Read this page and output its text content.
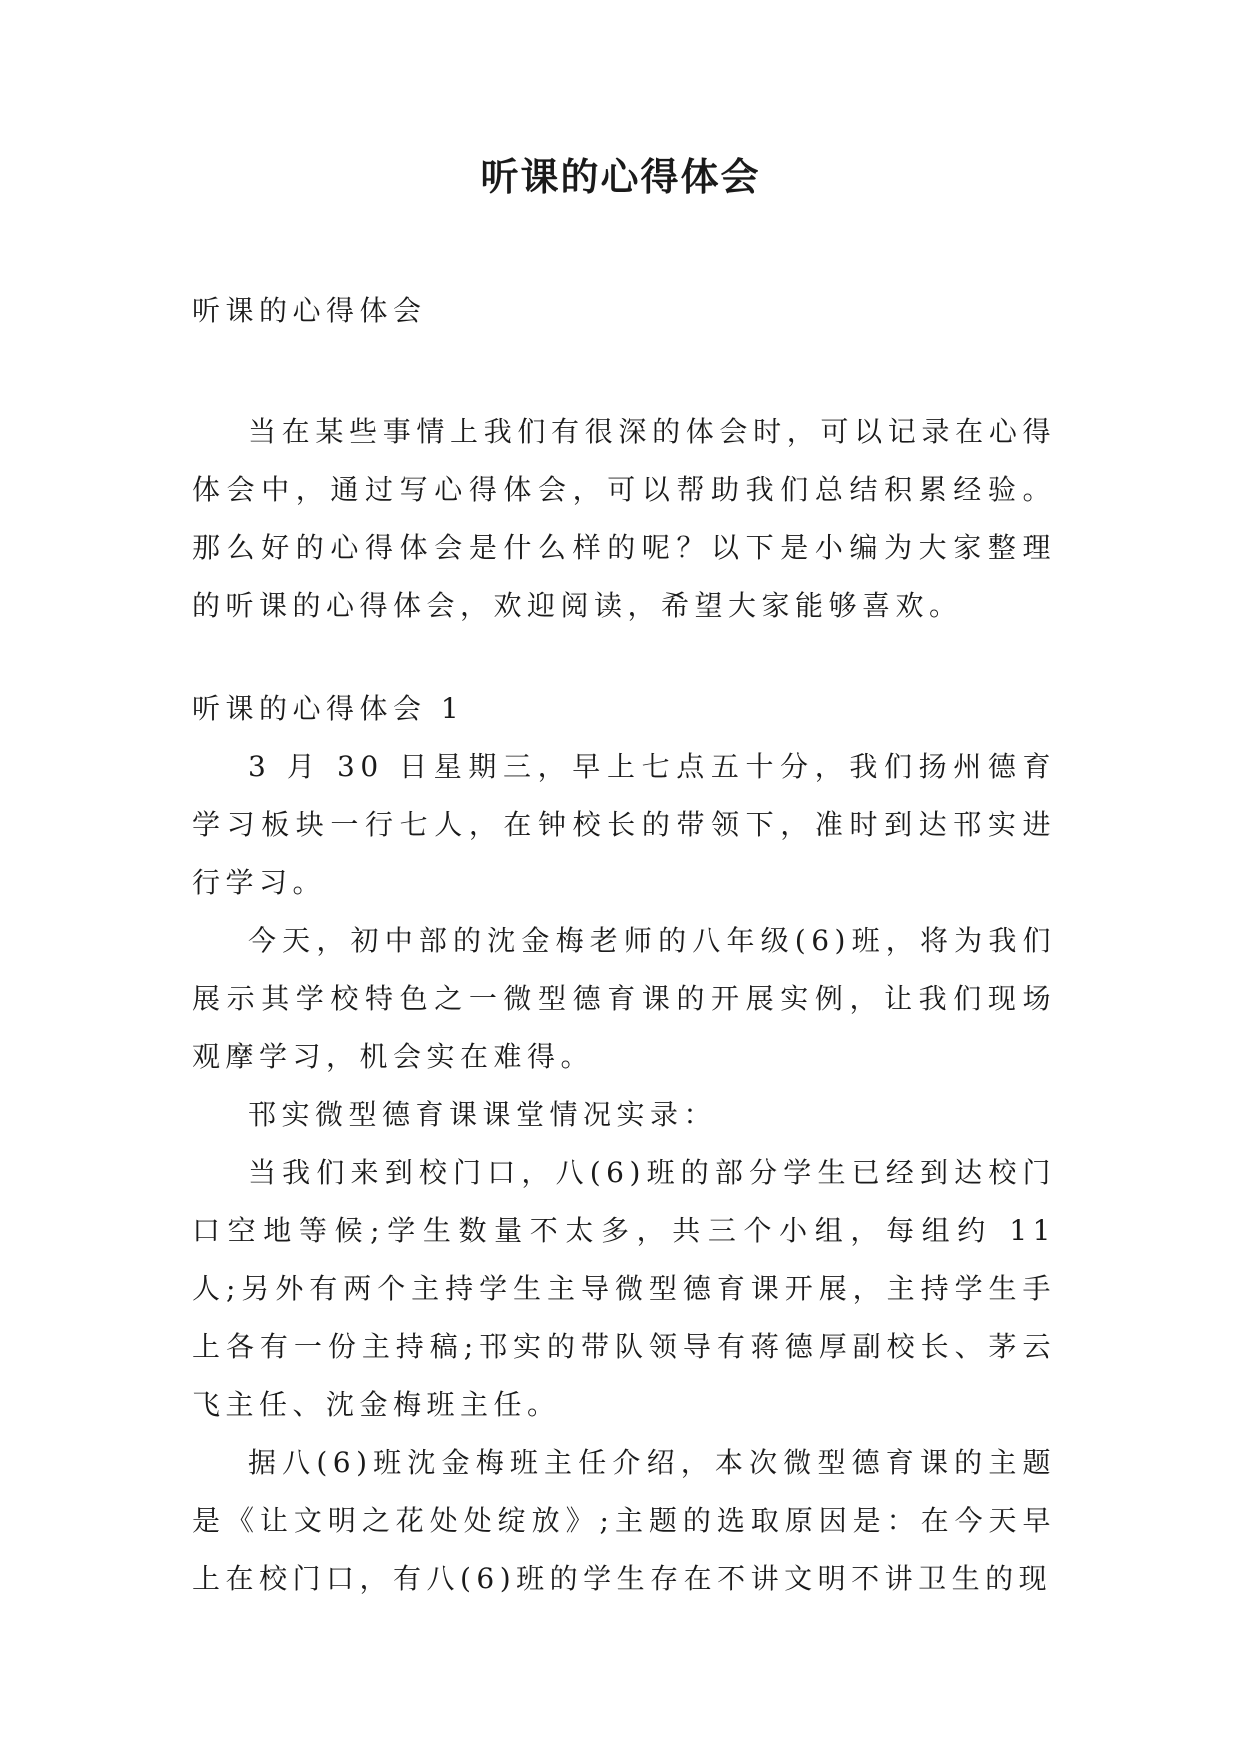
听课的心得体会
听课的心得体会
当在某些事情上我们有很深的体会时，可以记录在心得体会中，通过写心得体会，可以帮助我们总结积累经验。那么好的心得体会是什么样的呢？以下是小编为大家整理的听课的心得体会，欢迎阅读，希望大家能够喜欢。

听课的心得体会 1

3 月 30 日星期三，早上七点五十分，我们扬州德育学习板块一行七人，在钟校长的带领下，准时到达邗实进行学习。

今天，初中部的沈金梅老师的八年级(6)班，将为我们展示其学校特色之一微型德育课的开展实例，让我们现场观摩学习，机会实在难得。

邗实微型德育课课堂情况实录：

当我们来到校门口，八(6)班的部分学生已经到达校门口空地等候;学生数量不太多，共三个小组，每组约 11 人;另外有两个主持学生主导微型德育课开展，主持学生手上各有一份主持稿;邗实的带队领导有蒋德厚副校长、茅云飞主任、沈金梅班主任。

据八(6)班沈金梅班主任介绍，本次微型德育课的主题是《让文明之花处处绽放》;主题的选取原因是：在今天早上在校门口，有八(6)班的学生存在不讲文明不讲卫生的现
